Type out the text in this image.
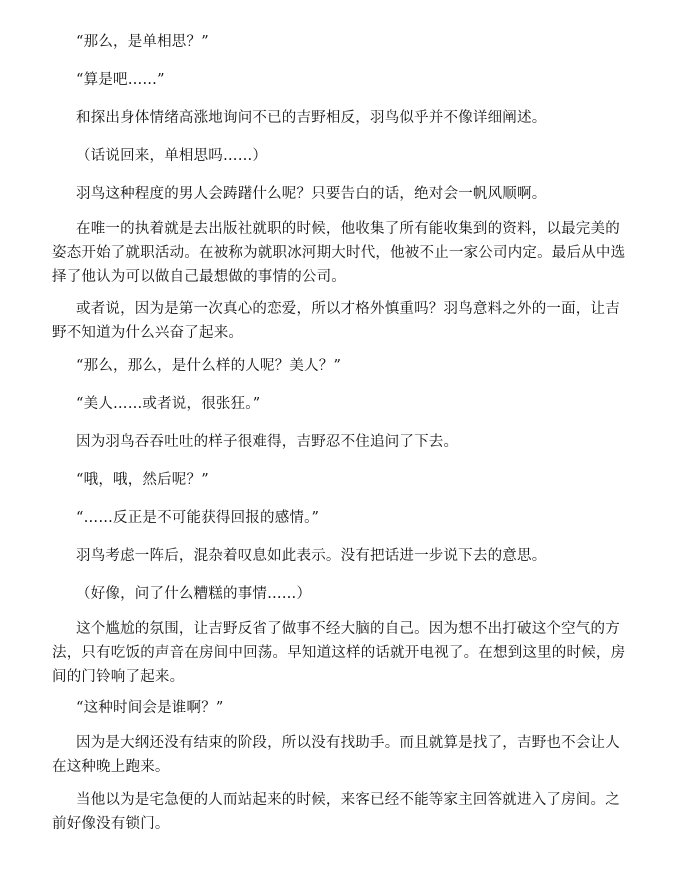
“那么，是单相思？”

“算是吧……”

和探出身体情绪高涨地询问不已的吉野相反，羽鸟似乎并不像详细阐述。

（话说回来，单相思吗……）

羽鸟这种程度的男人会踌躇什么呢？只要告白的话，绝对会一帆风顺啊。

在唯一的执着就是去出版社就职的时候，他收集了所有能收集到的资料，以最完美的姿态开始了就职活动。在被称为就职冰河期大时代，他被不止一家公司内定。最后从中选择了他认为可以做自己最想做的事情的公司。

或者说，因为是第一次真心的恋爱，所以才格外慎重吗？羽鸟意料之外的一面，让吉野不知道为什么兴奋了起来。

“那么，那么，是什么样的人呢？美人？”

“美人……或者说，很张狂。”

因为羽鸟吞吞吐吐的样子很难得，吉野忍不住追问了下去。

“哦，哦，然后呢？”

“……反正是不可能获得回报的感情。”

羽鸟考虑一阵后，混杂着叹息如此表示。没有把话进一步说下去的意思。

（好像，问了什么糟糕的事情……）

这个尴尬的氛围，让吉野反省了做事不经大脑的自己。因为想不出打破这个空气的方法，只有吃饭的声音在房间中回荡。早知道这样的话就开电视了。在想到这里的时候，房间的门铃响了起来。

“这种时间会是谁啊？”

因为是大纲还没有结束的阶段，所以没有找助手。而且就算是找了，吉野也不会让人在这种晚上跑来。

当他以为是宅急便的人而站起来的时候，来客已经不能等家主回答就进入了房间。之前好像没有锁门。
